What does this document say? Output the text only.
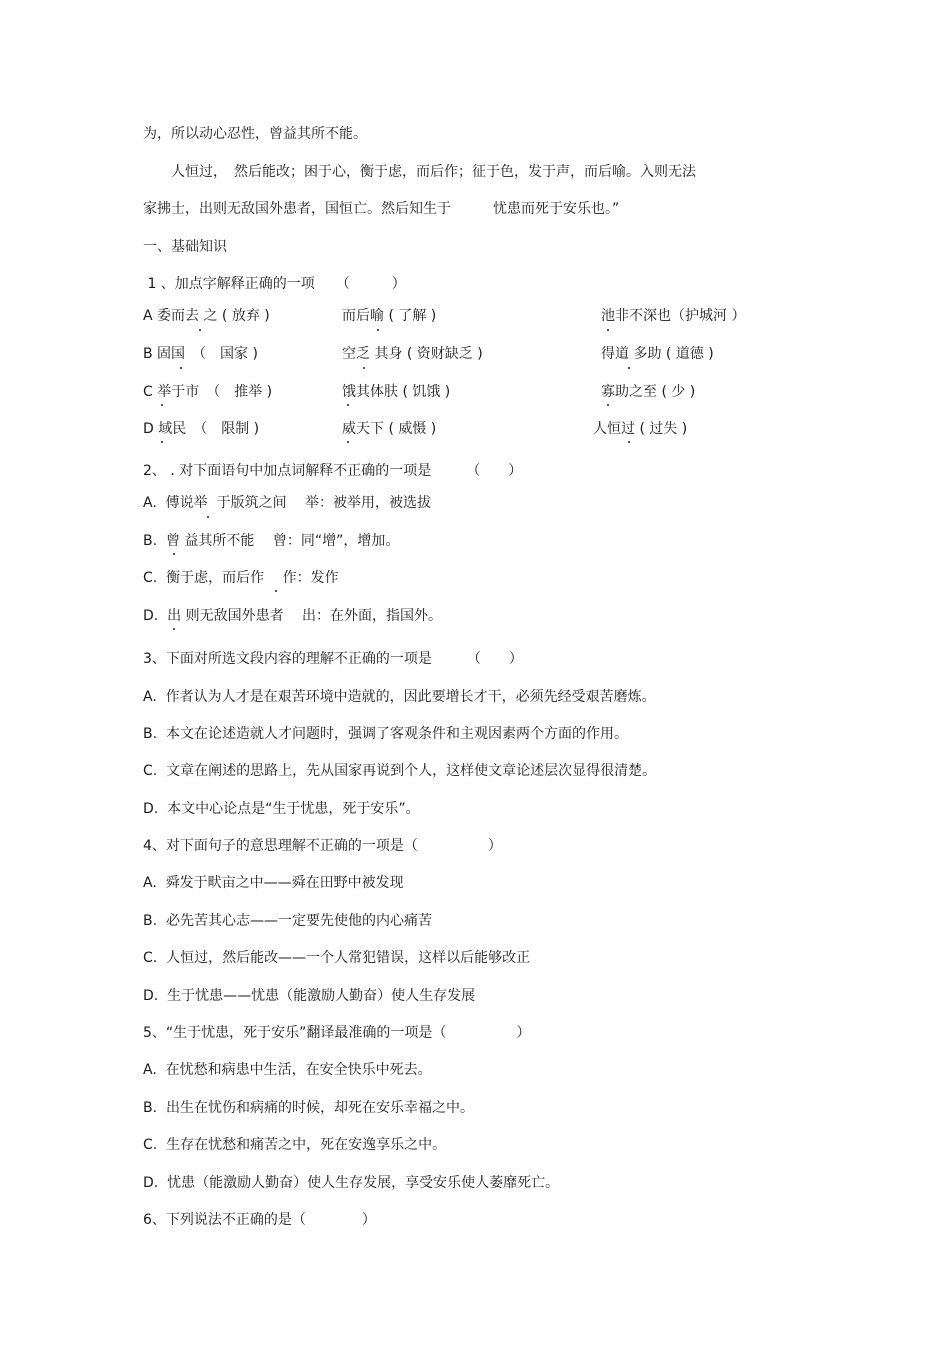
为，所以动心忍性，曾益其所不能。
　　人恒过，　然后能改；困于心，衡于虑，而后作；征于色，发于声，而后喻。入则无法
家拂士，出则无敌国外患者，国恒亡。然后知生于　　　忧患而死于安乐也。”
一、基础知识
1 、加点字解释正确的一项　　（　　　）
A 委而去 之 ( 放弃 )	而后喻 ( 了解 )	池非不深也（护城河 ）
B 固国　（　国家 )	空乏 其身 ( 资财缺乏 )	得道 多助 ( 道德 )
C 举于市　（　推举 )	饿其体肤 ( 饥饿 )	寡助之至 ( 少 )
D 域民　（　限制 )	威天下 ( 威慑 )	人恒过 ( 过失 )
2、 . 对下面语句中加点词解释不正确的一项是　　　（　　）
A.  傅说举  于版筑之间　 举：被举用，被选拔
B.  曾 益其所不能　 曾：同“增”，增加。
C.  衡于虑，而后作　 作：发作
D.  出 则无敌国外患者　 出：在外面，指国外。
3、下面对所选文段内容的理解不正确的一项是　　　（　　）
A.  作者认为人才是在艰苦环境中造就的，因此要增长才干，必须先经受艰苦磨炼。
B.  本文在论述造就人才问题时，强调了客观条件和主观因素两个方面的作用。
C.  文章在阐述的思路上，先从国家再说到个人，这样使文章论述层次显得很清楚。
D.  本文中心论点是“生于忧患，死于安乐”。
4、对下面句子的意思理解不正确的一项是（　　　　　）
A.  舜发于畎亩之中——舜在田野中被发现
B.  必先苦其心志——一定要先使他的内心痛苦
C.  人恒过，然后能改——一个人常犯错误，这样以后能够改正
D.  生于忧患——忧患（能激励人勤奋）使人生存发展
5、“生于忧患，死于安乐”翻译最准确的一项是（　　　　　）
A.  在忧愁和病患中生活，在安全快乐中死去。
B.  出生在忧伤和病痛的时候，却死在安乐幸福之中。
C.  生存在忧愁和痛苦之中，死在安逸享乐之中。
D.  忧患（能激励人勤奋）使人生存发展，享受安乐使人萎靡死亡。
6、下列说法不正确的是（　　　　）
